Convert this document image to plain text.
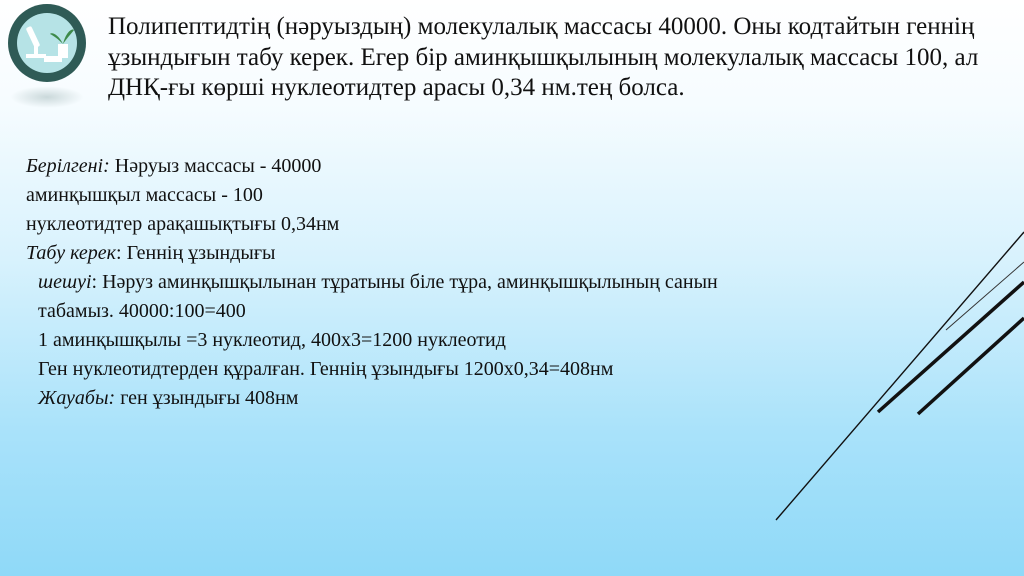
Полипептидтің (нәруыздың) молекулалық массасы 40000. Оны кодтайтын геннің ұзындығын табу керек. Егер бір аминқышқылының молекулалық массасы 100, ал ДНҚ-ғы көрші нуклеотидтер арасы 0,34 нм.тең болса.

Берілгені: Нәруыз массасы - 40000
аминқышқыл массасы - 100
нуклеотидтер арақашықтығы 0,34нм
Табу керек: Геннің ұзындығы
шешуі: Нәруз аминқышқылынан тұратыны біле тұра, аминқышқылының санын
табамыз. 40000:100=400
1 аминқышқылы =3 нуклеотид, 400х3=1200 нуклеотид
Ген нуклеотидтерден құралған. Геннің ұзындығы 1200х0,34=408нм
Жауабы: ген ұзындығы 408нм
